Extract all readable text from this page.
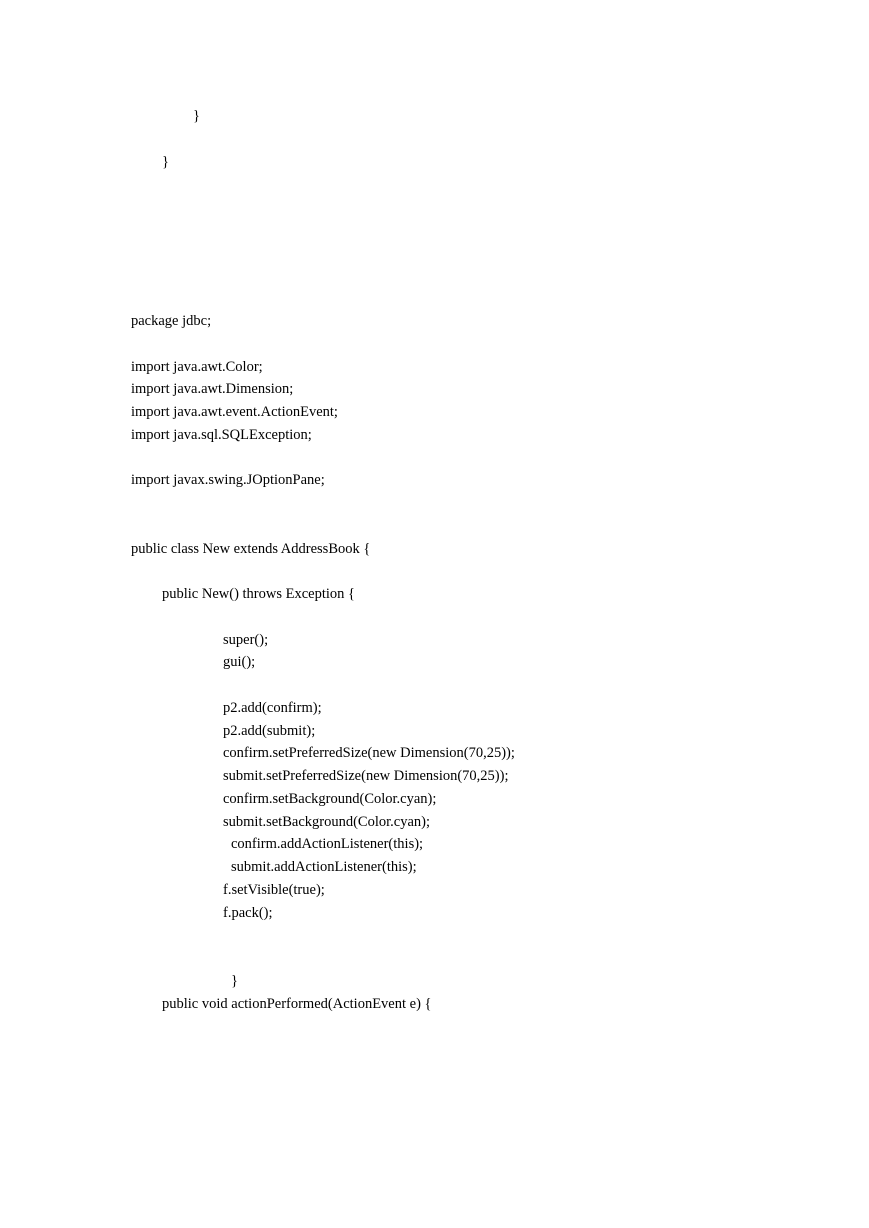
}
}
package jdbc;
import java.awt.Color;
import java.awt.Dimension;
import java.awt.event.ActionEvent;
import java.sql.SQLException;
import javax.swing.JOptionPane;
public class New extends AddressBook {
public New() throws Exception {
super();
gui();
p2.add(confirm);
p2.add(submit);
confirm.setPreferredSize(new Dimension(70,25));
submit.setPreferredSize(new Dimension(70,25));
confirm.setBackground(Color.cyan);
submit.setBackground(Color.cyan);
confirm.addActionListener(this);
submit.addActionListener(this);
f.setVisible(true);
f.pack();
}
public void actionPerformed(ActionEvent e) {
